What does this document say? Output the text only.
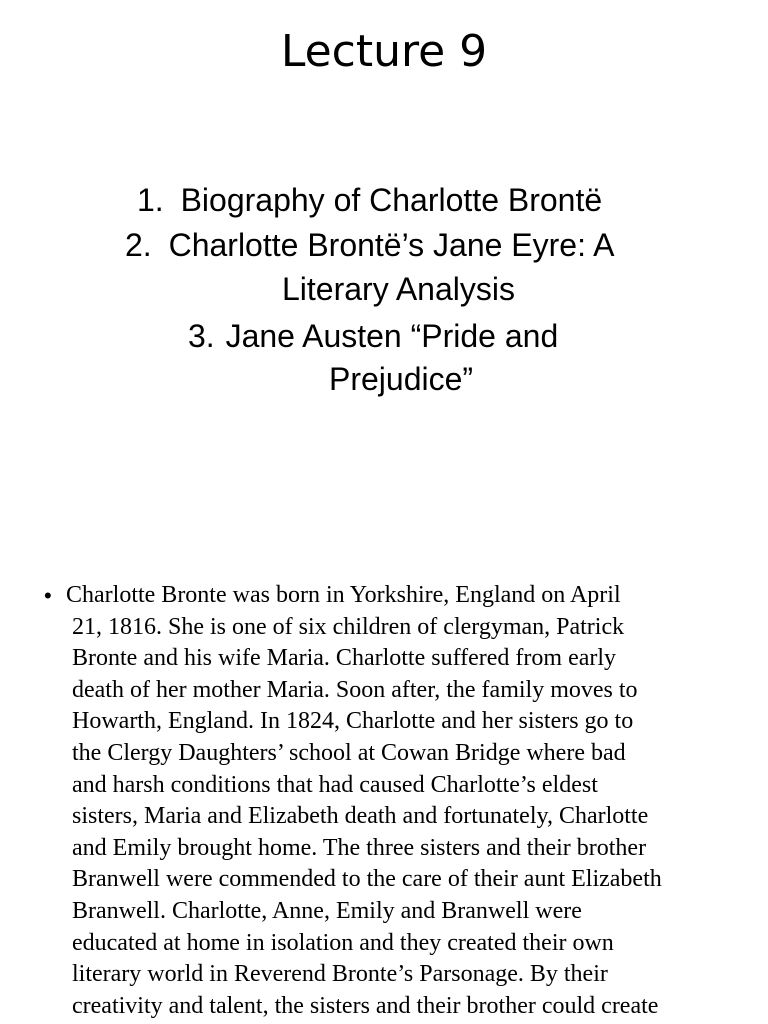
Lecture 9
1. Biography of Charlotte Brontë
2. Charlotte Brontë’s Jane Eyre: A
Literary Analysis
3. Jane Austen “Pride and
Prejudice”
• Charlotte Bronte was born in Yorkshire, England on April
21, 1816. She is one of six children of clergyman, Patrick
Bronte and his wife Maria. Charlotte suffered from early
death of her mother Maria. Soon after, the family moves to
Howarth, England. In 1824, Charlotte and her sisters go to
the Clergy Daughters’ school at Cowan Bridge where bad
and harsh conditions that had caused Charlotte’s eldest
sisters, Maria and Elizabeth death and fortunately, Charlotte
and Emily brought home. The three sisters and their brother
Branwell were commended to the care of their aunt Elizabeth
Branwell. Charlotte, Anne, Emily and Branwell were
educated at home in isolation and they created their own
literary world in Reverend Bronte’s Parsonage. By their
creativity and talent, the sisters and their brother could create
